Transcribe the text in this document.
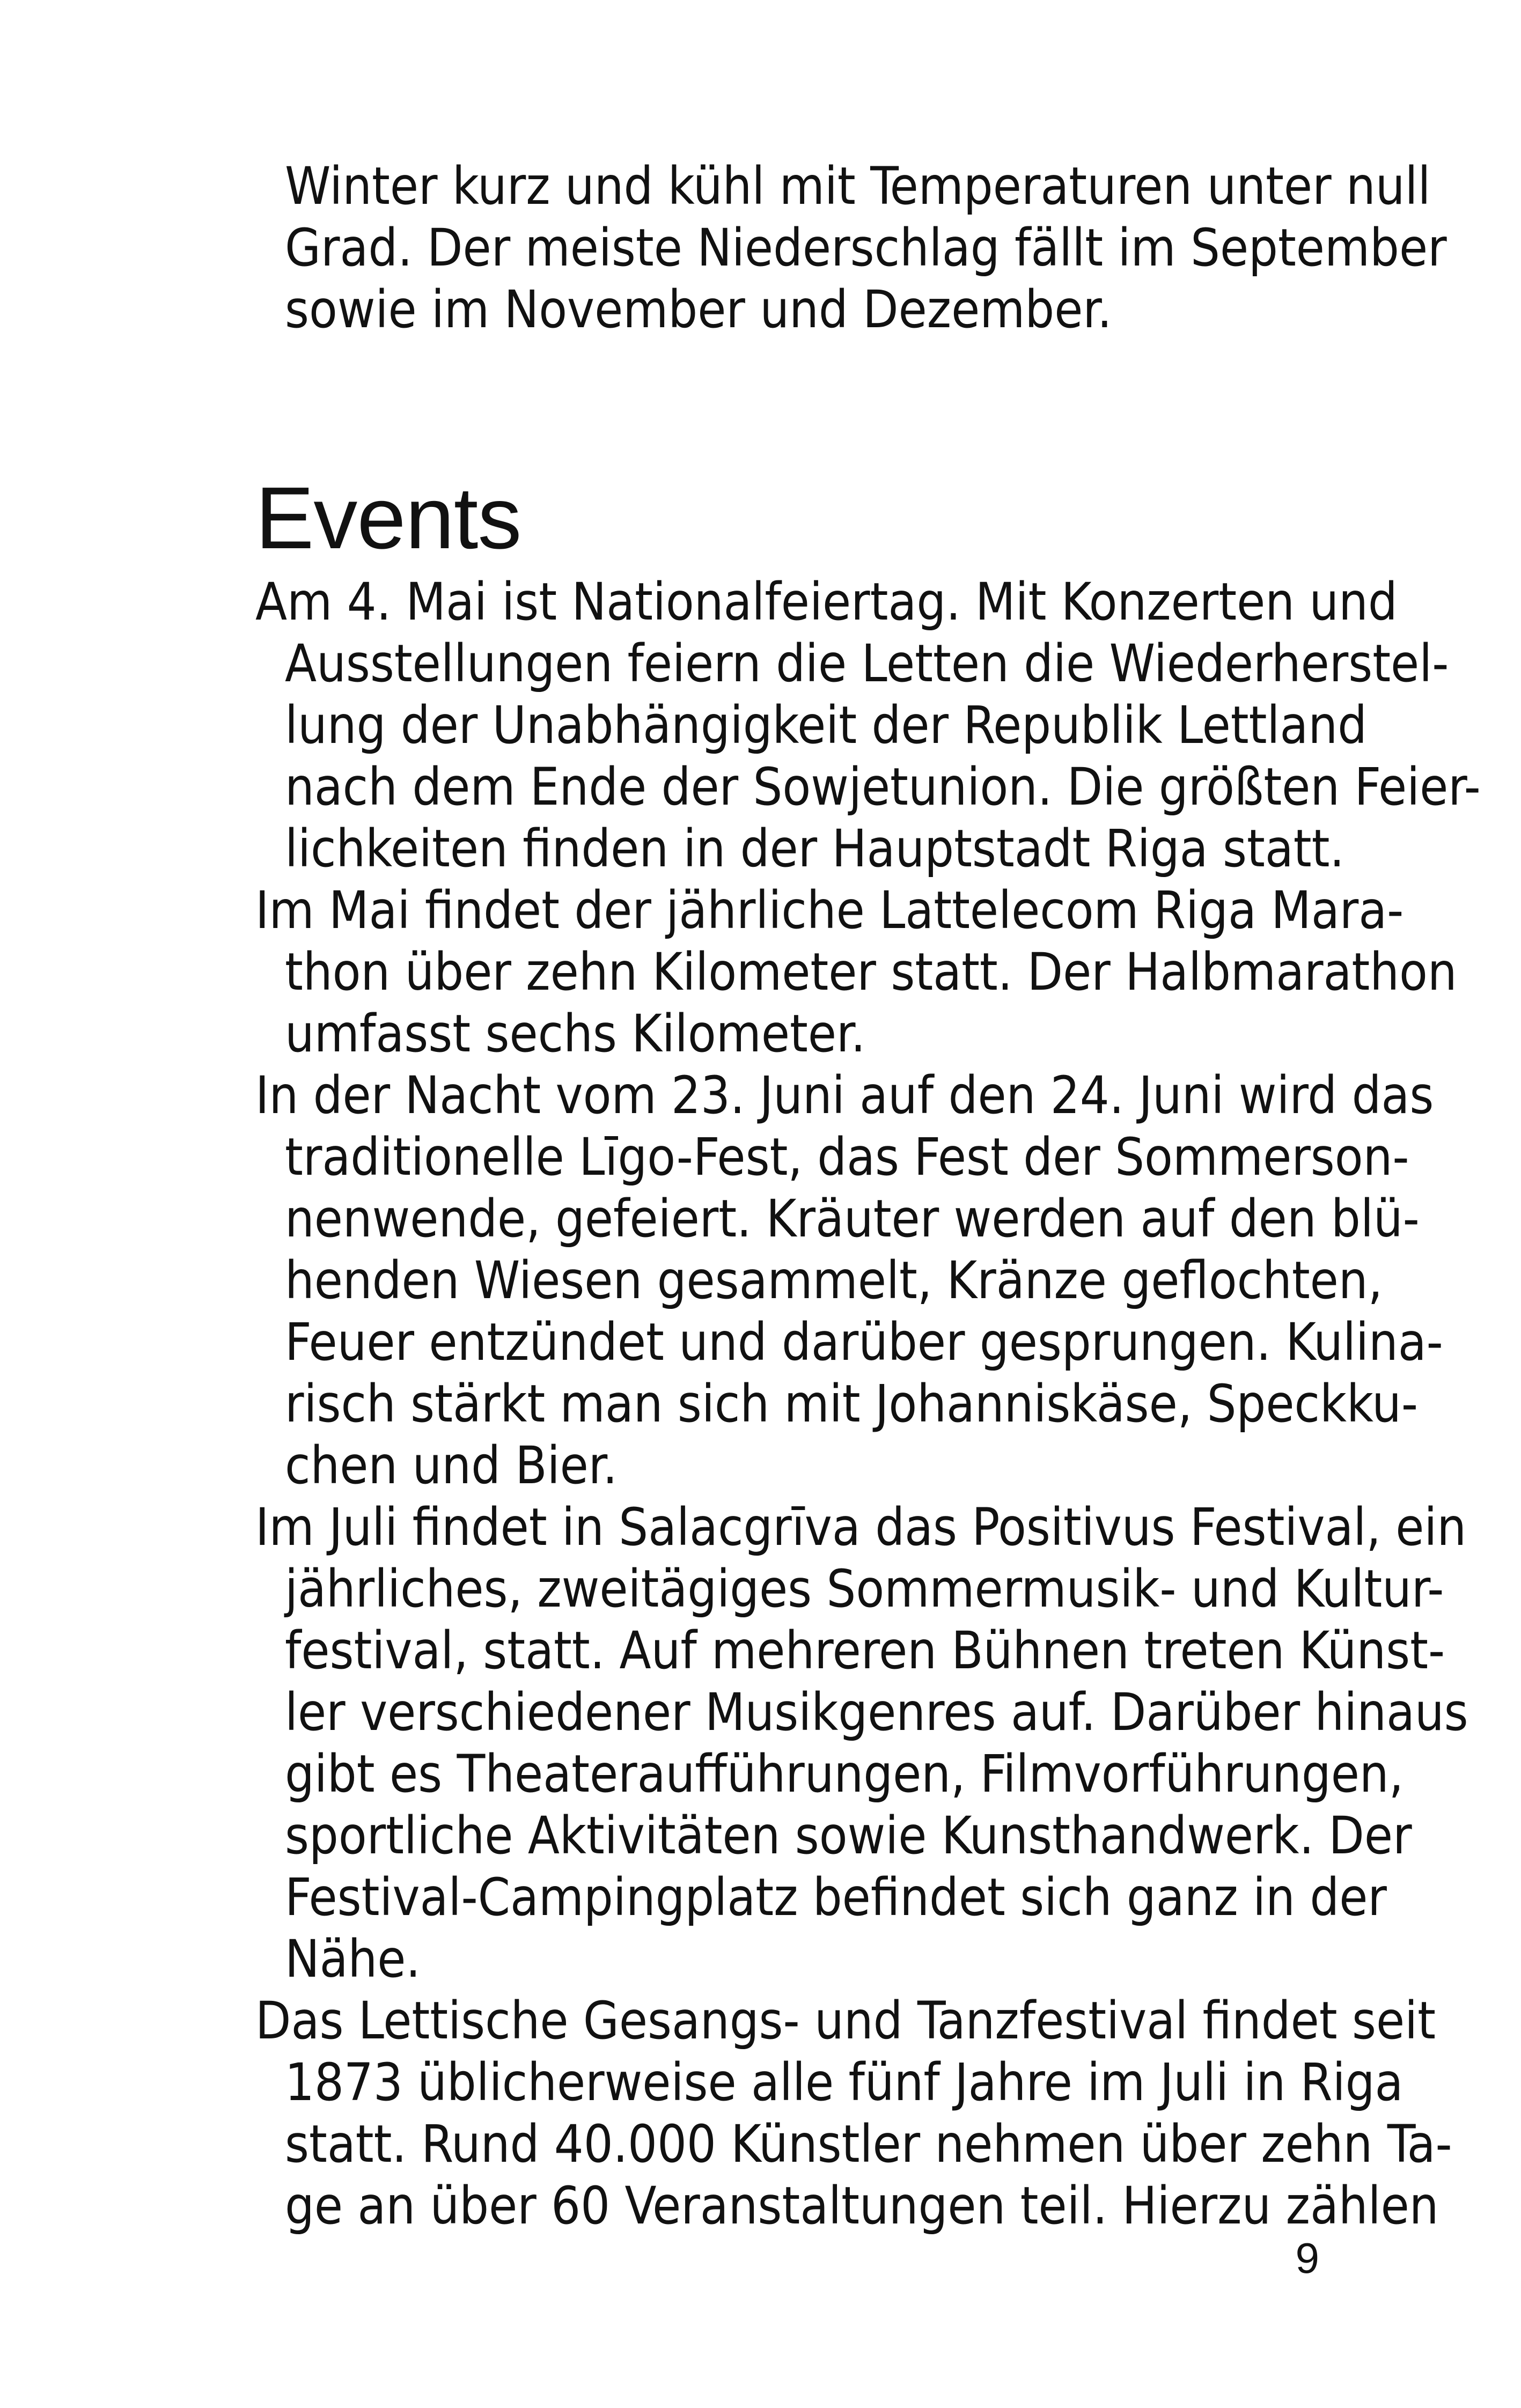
Winter kurz und kühl mit Temperaturen unter null
Grad. Der meiste Niederschlag fällt im September
sowie im November und Dezember.
Events
Am 4. Mai ist Nationalfeiertag. Mit Konzerten und
Ausstellungen feiern die Letten die Wiederherstel-
lung der Unabhängigkeit der Republik Lettland
nach dem Ende der Sowjetunion. Die größten Feier-
lichkeiten finden in der Hauptstadt Riga statt.
Im Mai findet der jährliche Lattelecom Riga Mara-
thon über zehn Kilometer statt. Der Halbmarathon
umfasst sechs Kilometer.
In der Nacht vom 23. Juni auf den 24. Juni wird das
traditionelle Līgo-Fest, das Fest der Sommerson-
nenwende, gefeiert. Kräuter werden auf den blü-
henden Wiesen gesammelt, Kränze geflochten,
Feuer entzündet und darüber gesprungen. Kulina-
risch stärkt man sich mit Johanniskäse, Speckku-
chen und Bier.
Im Juli findet in Salacgrīva das Positivus Festival, ein
jährliches, zweitägiges Sommermusik- und Kultur-
festival, statt. Auf mehreren Bühnen treten Künst-
ler verschiedener Musikgenres auf. Darüber hinaus
gibt es Theateraufführungen, Filmvorführungen,
sportliche Aktivitäten sowie Kunsthandwerk. Der
Festival-Campingplatz befindet sich ganz in der
Nähe.
Das Lettische Gesangs- und Tanzfestival findet seit
1873 üblicherweise alle fünf Jahre im Juli in Riga
statt. Rund 40.000 Künstler nehmen über zehn Ta-
ge an über 60 Veranstaltungen teil. Hierzu zählen
9
